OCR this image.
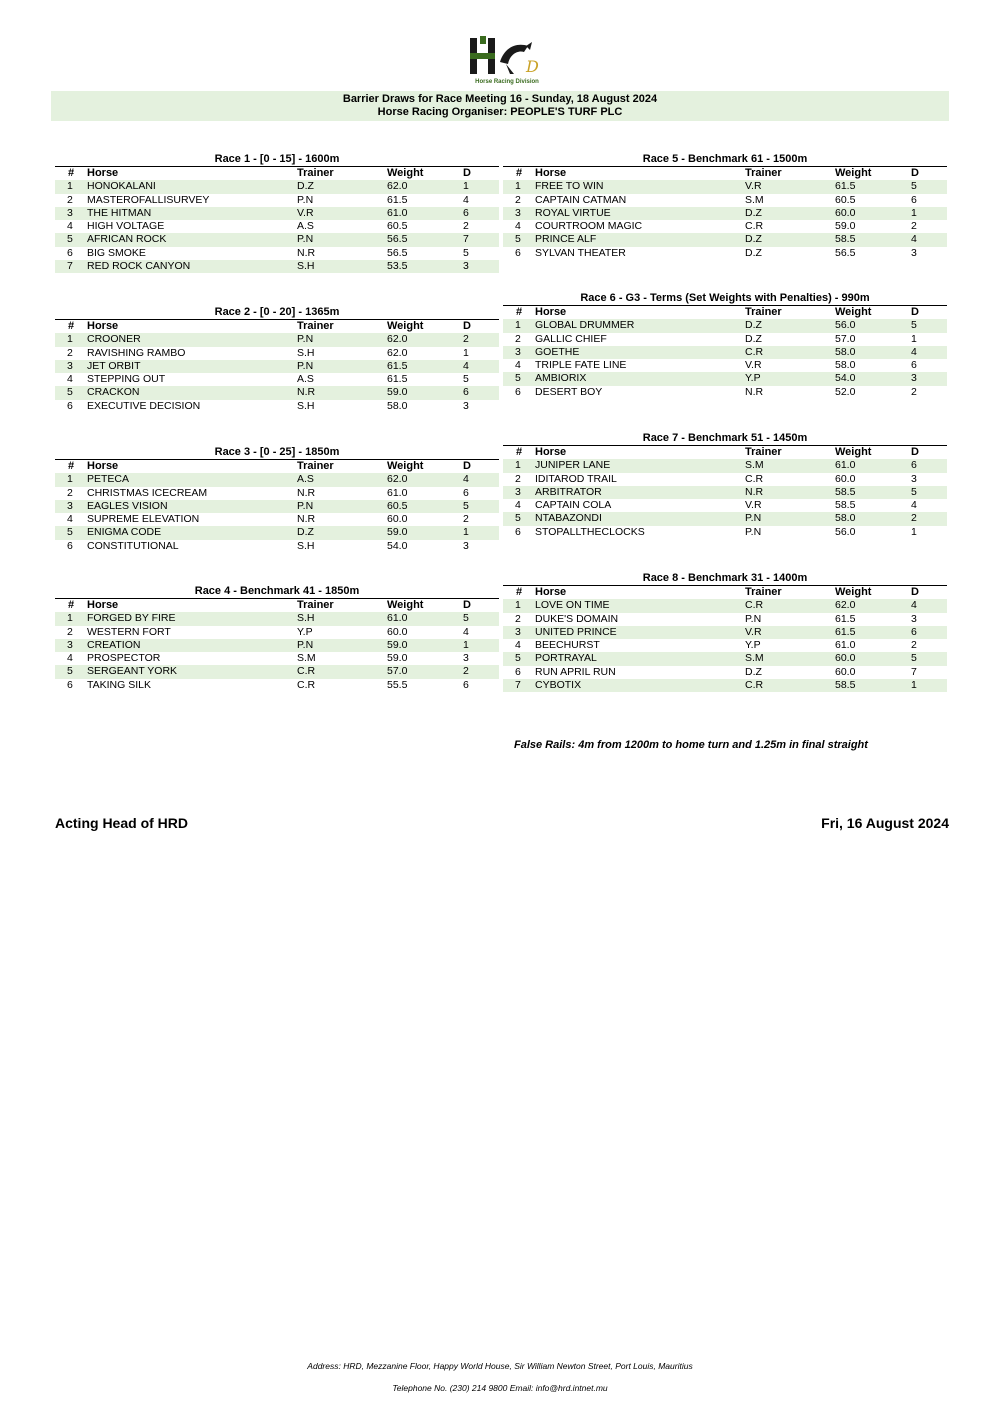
D
Horse Racing Division
Barrier Draws for Race Meeting 16 - Sunday, 18 August 2024
Horse Racing Organiser: PEOPLE'S TURF PLC
Race 1 - [0 - 15] - 1600m
#	Horse	Trainer	Weight	D
1	HONOKALANI	D.Z	62.0	1
2	MASTEROFALLISURVEY	P.N	61.5	4
3	THE HITMAN	V.R	61.0	6
4	HIGH VOLTAGE	A.S	60.5	2
5	AFRICAN ROCK	P.N	56.5	7
6	BIG SMOKE	N.R	56.5	5
7	RED ROCK CANYON	S.H	53.5	3
Race 2 - [0 - 20] - 1365m
#	Horse	Trainer	Weight	D
1	CROONER	P.N	62.0	2
2	RAVISHING RAMBO	S.H	62.0	1
3	JET ORBIT	P.N	61.5	4
4	STEPPING OUT	A.S	61.5	5
5	CRACKON	N.R	59.0	6
6	EXECUTIVE DECISION	S.H	58.0	3
Race 3 - [0 - 25] - 1850m
#	Horse	Trainer	Weight	D
1	PETECA	A.S	62.0	4
2	CHRISTMAS ICECREAM	N.R	61.0	6
3	EAGLES VISION	P.N	60.5	5
4	SUPREME ELEVATION	N.R	60.0	2
5	ENIGMA CODE	D.Z	59.0	1
6	CONSTITUTIONAL	S.H	54.0	3
Race 4 - Benchmark 41 - 1850m
#	Horse	Trainer	Weight	D
1	FORGED BY FIRE	S.H	61.0	5
2	WESTERN FORT	Y.P	60.0	4
3	CREATION	P.N	59.0	1
4	PROSPECTOR	S.M	59.0	3
5	SERGEANT YORK	C.R	57.0	2
6	TAKING SILK	C.R	55.5	6
Race 5 - Benchmark 61 - 1500m
#	Horse	Trainer	Weight	D
1	FREE TO WIN	V.R	61.5	5
2	CAPTAIN CATMAN	S.M	60.5	6
3	ROYAL VIRTUE	D.Z	60.0	1
4	COURTROOM MAGIC	C.R	59.0	2
5	PRINCE ALF	D.Z	58.5	4
6	SYLVAN THEATER	D.Z	56.5	3
Race 6 - G3 - Terms (Set Weights with Penalties) - 990m
#	Horse	Trainer	Weight	D
1	GLOBAL DRUMMER	D.Z	56.0	5
2	GALLIC CHIEF	D.Z	57.0	1
3	GOETHE	C.R	58.0	4
4	TRIPLE FATE LINE	V.R	58.0	6
5	AMBIORIX	Y.P	54.0	3
6	DESERT BOY	N.R	52.0	2
Race 7 - Benchmark 51 - 1450m
#	Horse	Trainer	Weight	D
1	JUNIPER LANE	S.M	61.0	6
2	IDITAROD TRAIL	C.R	60.0	3
3	ARBITRATOR	N.R	58.5	5
4	CAPTAIN COLA	V.R	58.5	4
5	NTABAZONDI	P.N	58.0	2
6	STOPALLTHECLOCKS	P.N	56.0	1
Race 8 - Benchmark 31 - 1400m
#	Horse	Trainer	Weight	D
1	LOVE ON TIME	C.R	62.0	4
2	DUKE'S DOMAIN	P.N	61.5	3
3	UNITED PRINCE	V.R	61.5	6
4	BEECHURST	Y.P	61.0	2
5	PORTRAYAL	S.M	60.0	5
6	RUN APRIL RUN	D.Z	60.0	7
7	CYBOTIX	C.R	58.5	1
False Rails: 4m from 1200m to home turn and 1.25m in final straight
Acting Head of HRD	Fri, 16 August 2024
Address: HRD, Mezzanine Floor, Happy World House, Sir William Newton Street, Port Louis, Mauritius
Telephone No. (230) 214 9800 Email: info@hrd.intnet.mu
